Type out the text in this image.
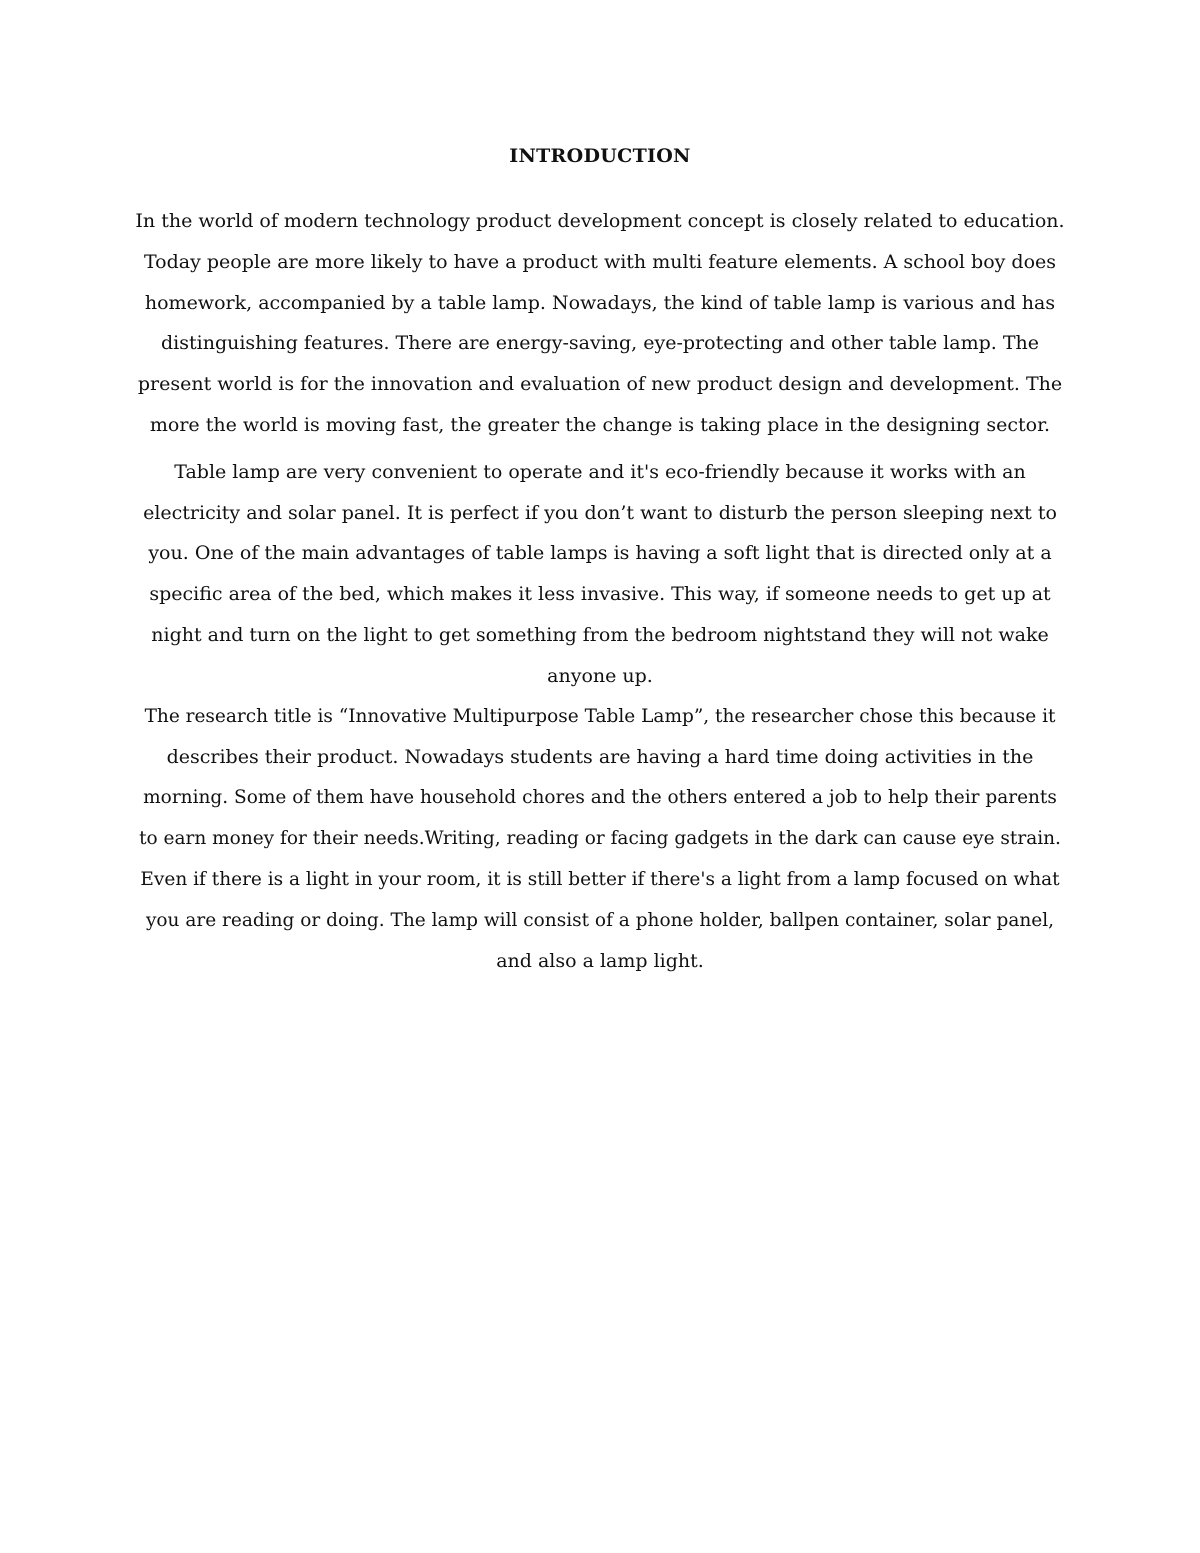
INTRODUCTION
In the world of modern technology product development concept is closely related to education.
Today people are more likely to have a product with multi feature elements. A school boy does
homework, accompanied by a table lamp. Nowadays, the kind of table lamp is various and has
distinguishing features. There are energy-saving, eye-protecting and other table lamp. The
present world is for the innovation and evaluation of new product design and development. The
more the world is moving fast, the greater the change is taking place in the designing sector.
Table lamp are very convenient to operate and it's eco-friendly because it works with an
electricity and solar panel. It is perfect if you don’t want to disturb the person sleeping next to
you. One of the main advantages of table lamps is having a soft light that is directed only at a
specific area of the bed, which makes it less invasive. This way, if someone needs to get up at
night and turn on the light to get something from the bedroom nightstand they will not wake
anyone up.
The research title is “Innovative Multipurpose Table Lamp”, the researcher chose this because it
describes their product. Nowadays students are having a hard time doing activities in the
morning. Some of them have household chores and the others entered a job to help their parents
to earn money for their needs.Writing, reading or facing gadgets in the dark can cause eye strain.
Even if there is a light in your room, it is still better if there's a light from a lamp focused on what
you are reading or doing. The lamp will consist of a phone holder, ballpen container, solar panel,
and also a lamp light.
